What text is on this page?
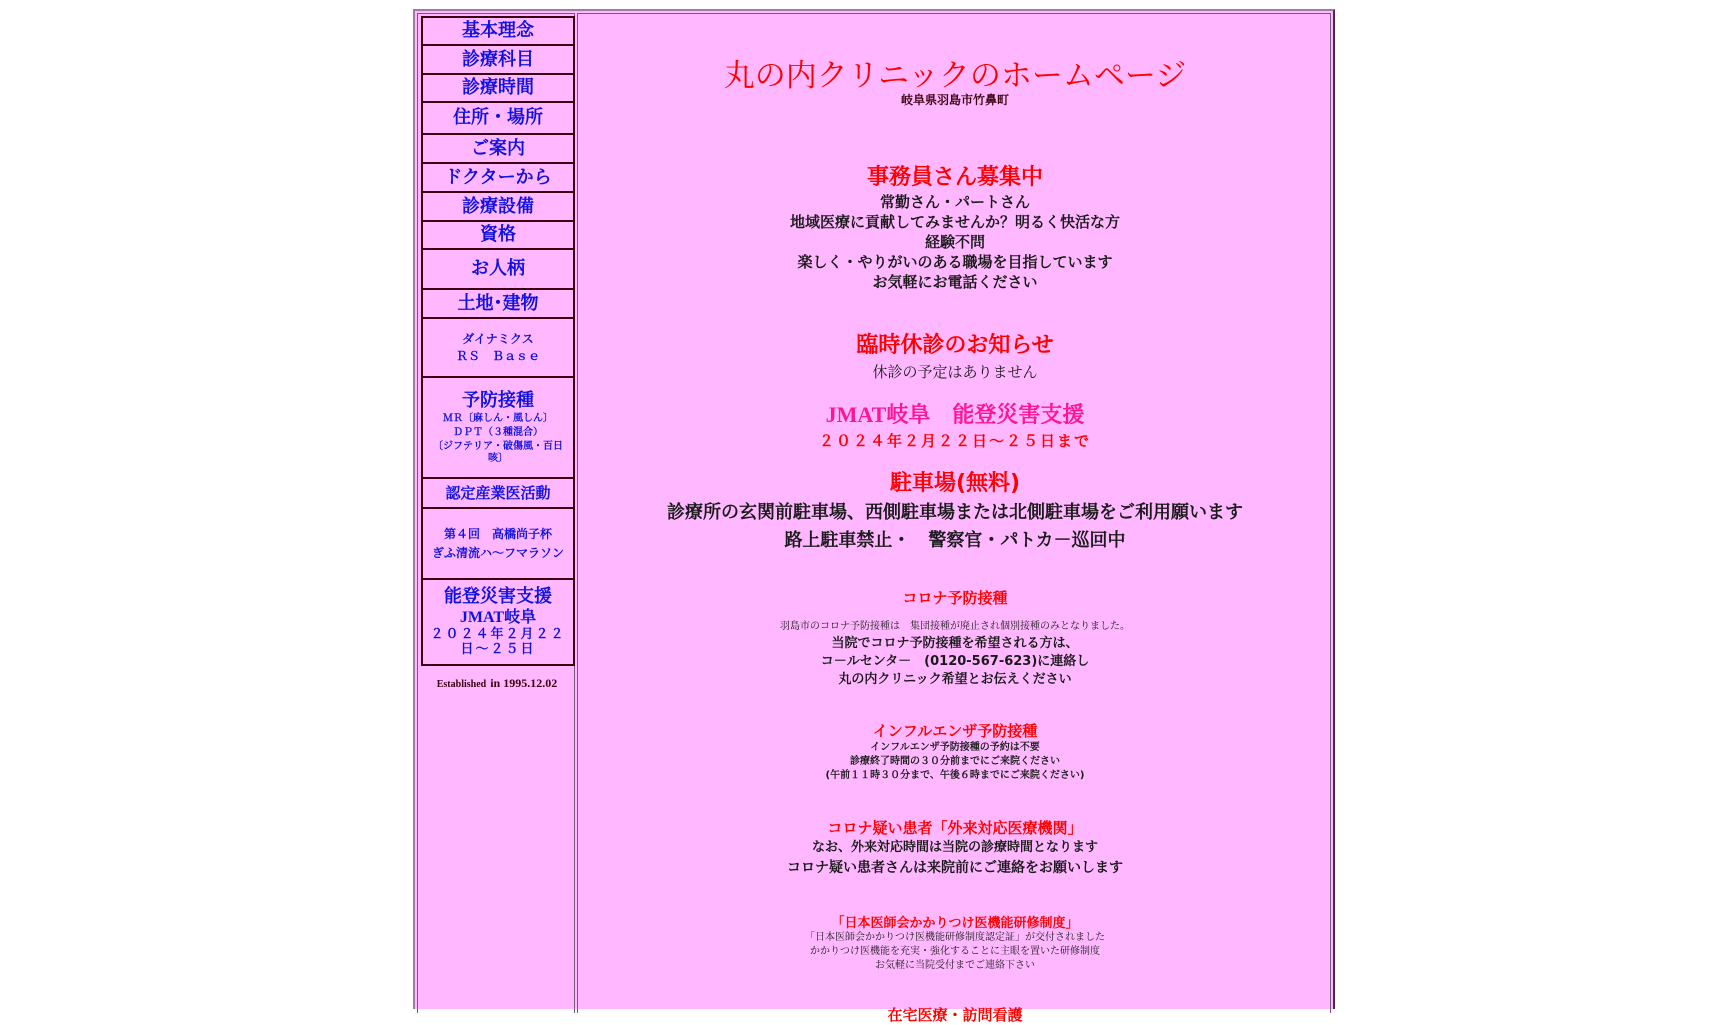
基本理念
診療科目
診療時間
住所・場所
ご案内
ドクターから
診療設備
資格
お人柄
土地･建物
ダイナミクス
ＲＳ　Ｂａｓｅ
予防接種
ＭＲ〔麻しん・風しん〕
ＤＰＴ（３種混合）
〔ジフテリア・破傷風・百日咳〕
認定産業医活動
第４回　高橋尚子杯
ぎふ清流ハ～フマラソン
能登災害支援
JMAT岐阜
２０２４年２月２２日～２５日
Established in 1995.12.02
丸の内クリニックのホームページ
岐阜県羽島市竹鼻町
事務員さん募集中
常勤さん・パートさん
地域医療に貢献してみませんか？明るく快活な方
経験不問
楽しく・やりがいのある職場を目指しています
お気軽にお電話ください
臨時休診のお知らせ
休診の予定はありません
JMAT岐阜　能登災害支援
２０２４年２月２２日～２５日まで
駐車場(無料)
診療所の玄関前駐車場、西側駐車場または北側駐車場をご利用願います
路上駐車禁止・　警察官・パトカ－巡回中
コロナ予防接種
羽島市のコロナ予防接種は　集団接種が廃止され個別接種のみとなりました。
当院でコロナ予防接種を希望される方は、
コ－ルセンタ－　(0120-567-623)に連絡し
丸の内クリニック希望とお伝えください
インフルエンザ予防接種
インフルエンザ予防接種の予約は不要
診療終了時間の３０分前までにご来院ください
(午前１１時３０分まで、午後６時までにご来院ください)
コロナ疑い患者「外来対応医療機関」
なお、外来対応時間は当院の診療時間となります
コロナ疑い患者さんは来院前にご連絡をお願いします
「日本医師会かかりつけ医機能研修制度」
「日本医師会かかりつけ医機能研修制度認定証」が交付されました
かかりつけ医機能を充実・強化することに主眼を置いた研修制度
お気軽に当院受付までご連絡下さい
在宅医療・訪問看護
